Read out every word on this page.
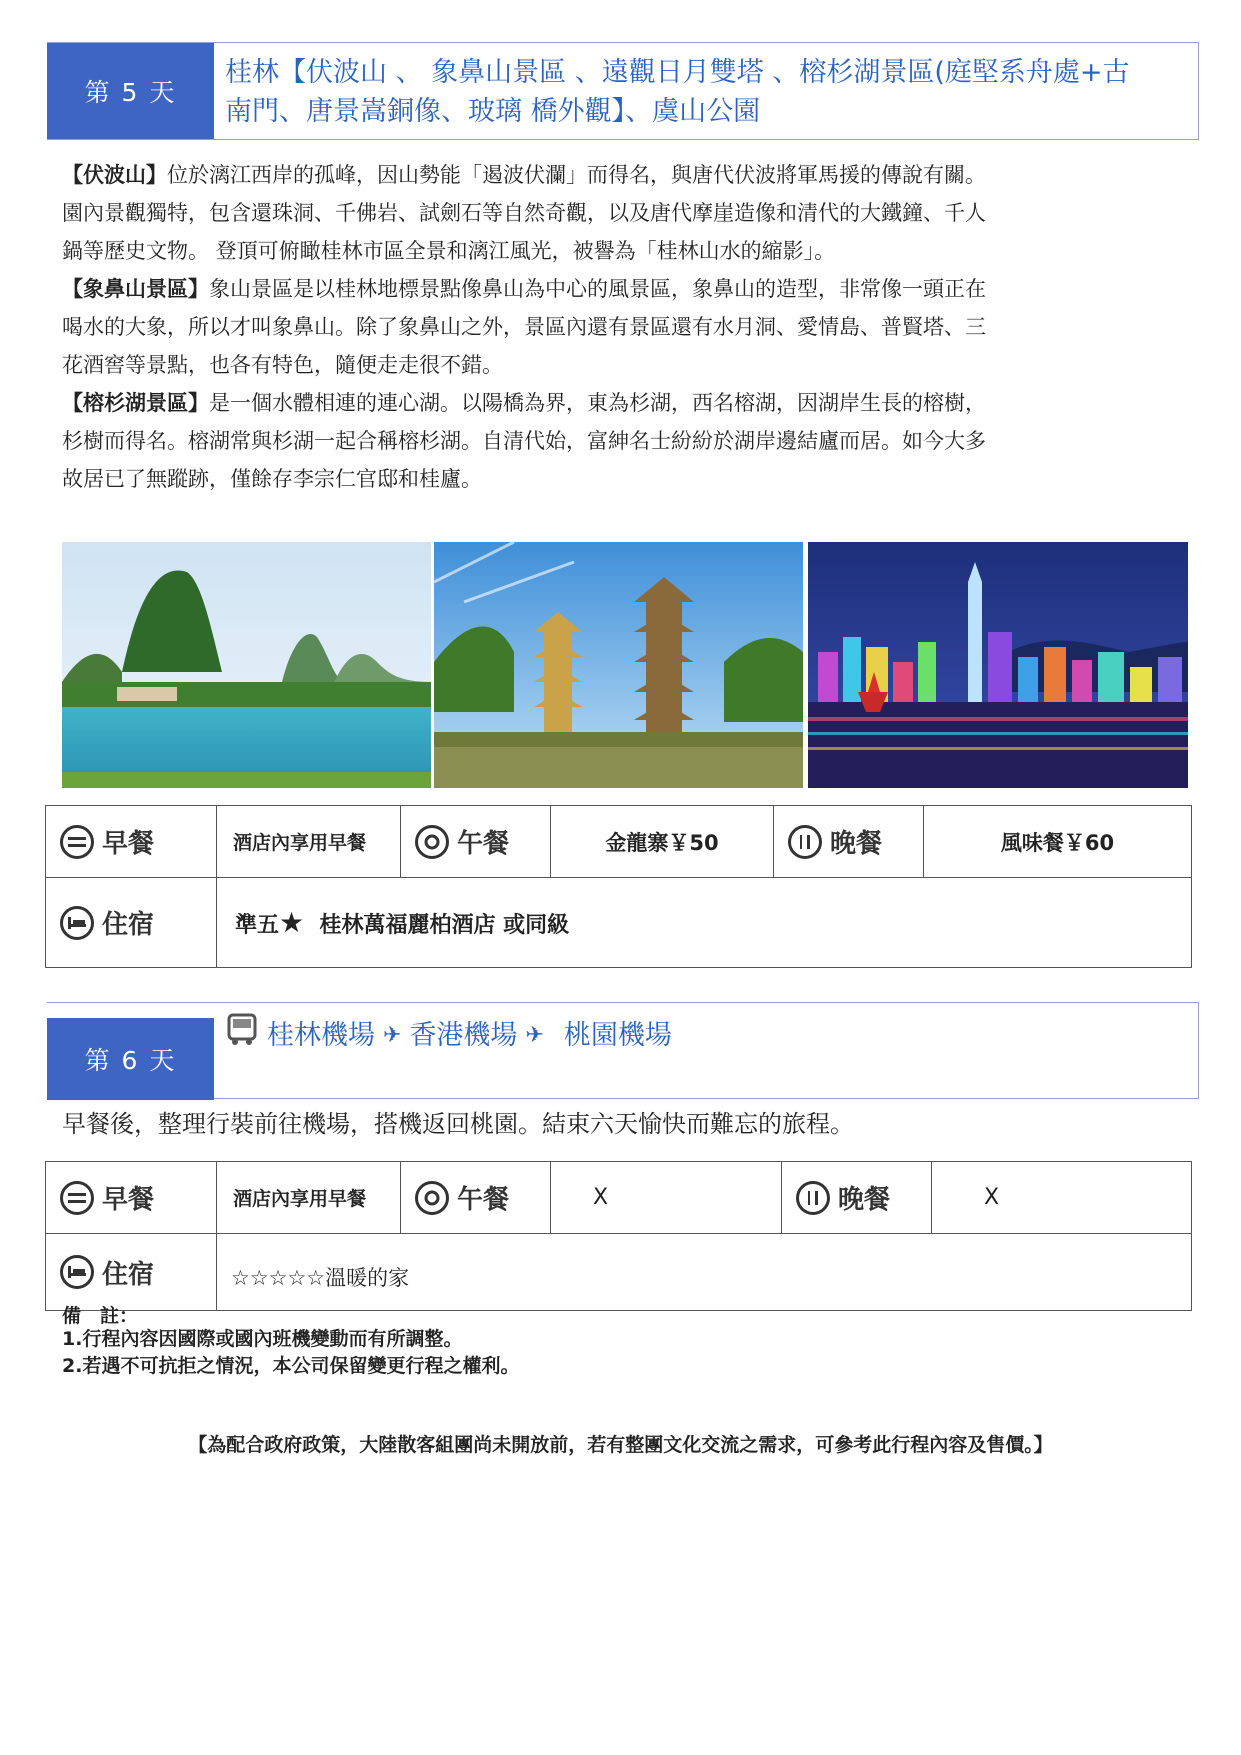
第 5 天
桂林【伏波山 、 象鼻山景區 、遠觀日月雙塔 、榕杉湖景區(庭堅系舟處+古
南門、唐景嵩銅像、玻璃 橋外觀】、虞山公園

【伏波山】位於漓江西岸的孤峰，因山勢能「遏波伏瀾」而得名，與唐代伏波將軍馬援的傳說有關。
園內景觀獨特，包含還珠洞、千佛岩、試劍石等自然奇觀，以及唐代摩崖造像和清代的大鐵鐘、千人
鍋等歷史文物。 登頂可俯瞰桂林市區全景和漓江風光，被譽為「桂林山水的縮影」。

【象鼻山景區】象山景區是以桂林地標景點像鼻山為中心的風景區，象鼻山的造型，非常像一頭正在
喝水的大象，所以才叫象鼻山。除了象鼻山之外，景區內還有景區還有水月洞、愛情島、普賢塔、三
花酒窖等景點，也各有特色，隨便走走很不錯。

【榕杉湖景區】是一個水體相連的連心湖。以陽橋為界，東為杉湖，西名榕湖，因湖岸生長的榕樹，
杉樹而得名。榕湖常與杉湖一起合稱榕杉湖。自清代始，富紳名士紛紛於湖岸邊結廬而居。如今大多
故居已了無蹤跡，僅餘存李宗仁官邸和桂廬。

早餐	酒店內享用早餐	午餐	金龍寨￥50	晚餐	風味餐￥60

住宿	準五★ 桂林萬福麗柏酒店 或同級				
第 6 天
桂林機場 ✈ 香港機場 ✈ 桃園機場
早餐後，整理行裝前往機場，搭機返回桃園。結束六天愉快而難忘的旅程。
早餐	酒店內享用早餐	午餐	X	晚餐	X

住宿	☆☆☆☆☆溫暖的家				
備　註：
1.行程內容因國際或國內班機變動而有所調整。
2.若遇不可抗拒之情況，本公司保留變更行程之權利。
【為配合政府政策，大陸散客組團尚未開放前，若有整團文化交流之需求，可參考此行程內容及售價。】
